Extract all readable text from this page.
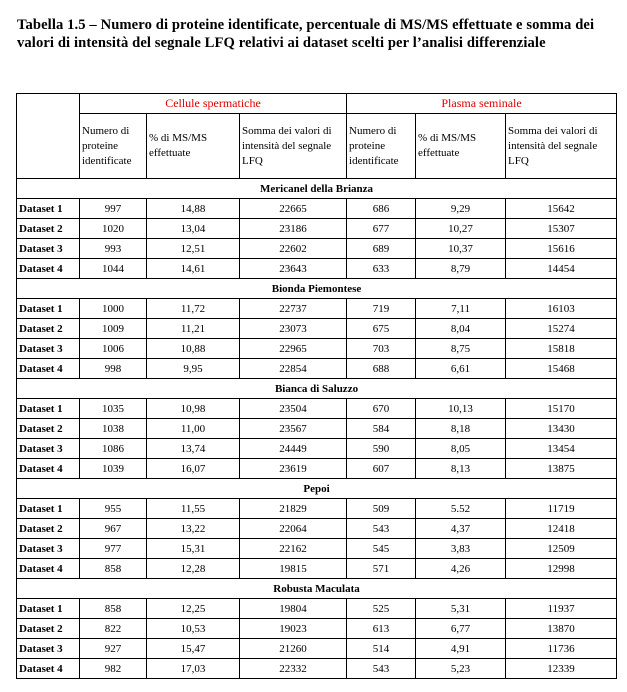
Tabella 1.5 – Numero di proteine identificate, percentuale di MS/MS effettuate e somma dei valori di intensità del segnale LFQ relativi ai dataset scelti per l’analisi differenziale
	Cellule spermatiche			Plasma seminale		
	Numero di proteine identificate	% di MS/MS effettuate	Somma dei valori di intensità del segnale LFQ	Numero di proteine identificate	% di MS/MS effettuate	Somma dei valori di intensità del segnale LFQ
Mericanel della Brianza						
Dataset 1	997	14,88	22665	686	9,29	15642
Dataset 2	1020	13,04	23186	677	10,27	15307
Dataset 3	993	12,51	22602	689	10,37	15616
Dataset 4	1044	14,61	23643	633	8,79	14454
Bionda Piemontese						
Dataset 1	1000	11,72	22737	719	7,11	16103
Dataset 2	1009	11,21	23073	675	8,04	15274
Dataset 3	1006	10,88	22965	703	8,75	15818
Dataset 4	998	9,95	22854	688	6,61	15468
Bianca di Saluzzo						
Dataset 1	1035	10,98	23504	670	10,13	15170
Dataset 2	1038	11,00	23567	584	8,18	13430
Dataset 3	1086	13,74	24449	590	8,05	13454
Dataset 4	1039	16,07	23619	607	8,13	13875
Pepoi						
Dataset 1	955	11,55	21829	509	5.52	11719
Dataset 2	967	13,22	22064	543	4,37	12418
Dataset 3	977	15,31	22162	545	3,83	12509
Dataset 4	858	12,28	19815	571	4,26	12998
Robusta Maculata						
Dataset 1	858	12,25	19804	525	5,31	11937
Dataset 2	822	10,53	19023	613	6,77	13870
Dataset 3	927	15,47	21260	514	4,91	11736
Dataset 4	982	17,03	22332	543	5,23	12339
